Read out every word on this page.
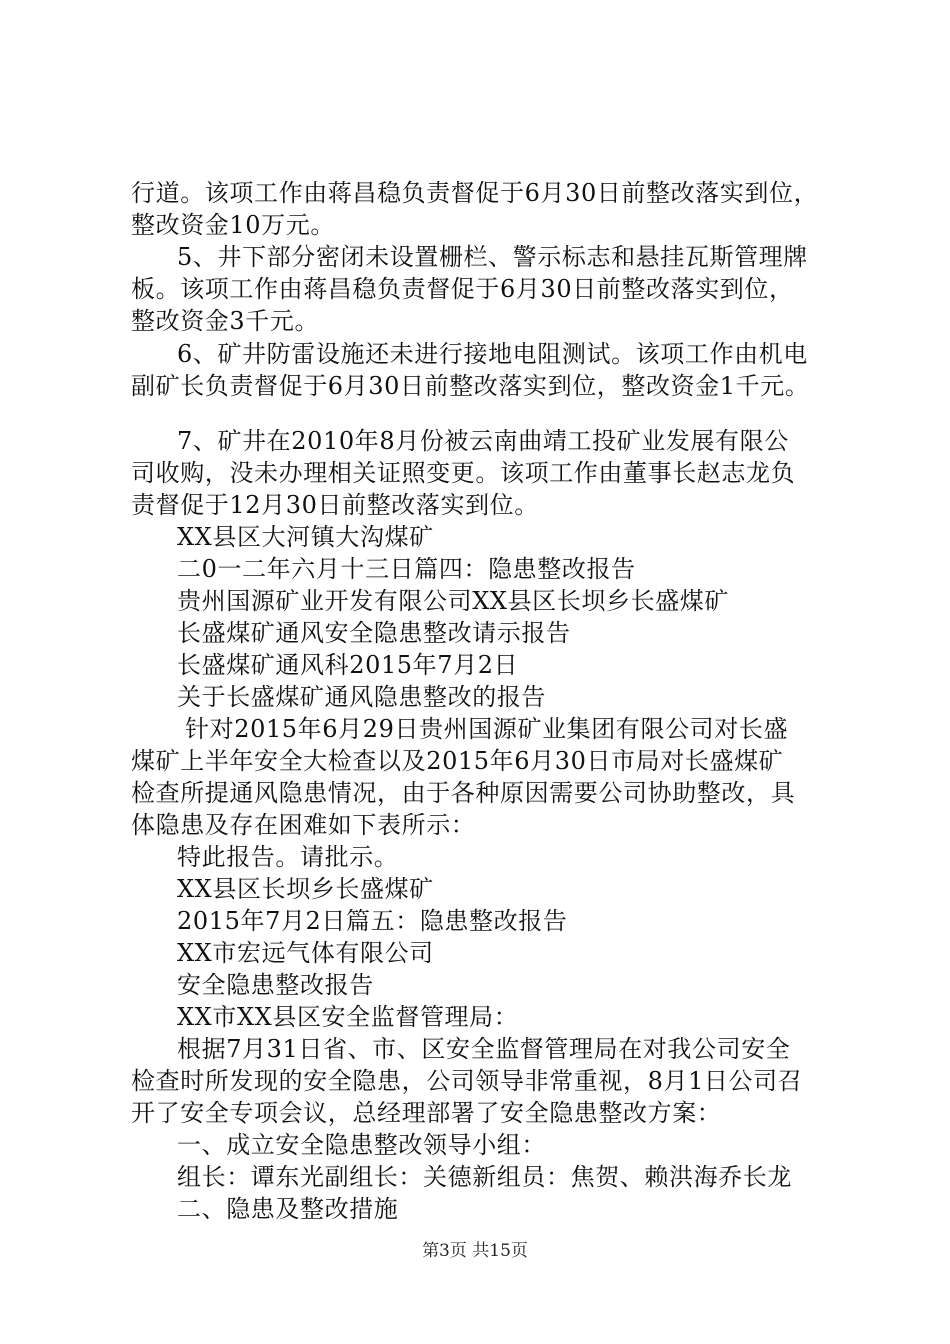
行道。该项工作由蒋昌稳负责督促于6月30日前整改落实到位，
整改资金10万元。
5、井下部分密闭未设置栅栏、警示标志和悬挂瓦斯管理牌
板。该项工作由蒋昌稳负责督促于6月30日前整改落实到位，
整改资金3千元。
6、矿井防雷设施还未进行接地电阻测试。该项工作由机电
副矿长负责督促于6月30日前整改落实到位，整改资金1千元。
7、矿井在2010年8月份被云南曲靖工投矿业发展有限公
司收购，没未办理相关证照变更。该项工作由董事长赵志龙负
责督促于12月30日前整改落实到位。
XX县区大河镇大沟煤矿
二0一二年六月十三日篇四：隐患整改报告
贵州国源矿业开发有限公司XX县区长坝乡长盛煤矿
长盛煤矿通风安全隐患整改请示报告
长盛煤矿通风科2015年7月2日
关于长盛煤矿通风隐患整改的报告
针对2015年6月29日贵州国源矿业集团有限公司对长盛
煤矿上半年安全大检查以及2015年6月30日市局对长盛煤矿
检查所提通风隐患情况，由于各种原因需要公司协助整改，具
体隐患及存在困难如下表所示：
特此报告。请批示。
XX县区长坝乡长盛煤矿
2015年7月2日篇五：隐患整改报告
XX市宏远气体有限公司
安全隐患整改报告
XX市XX县区安全监督管理局：
根据7月31日省、市、区安全监督管理局在对我公司安全
检查时所发现的安全隐患，公司领导非常重视，8月1日公司召
开了安全专项会议，总经理部署了安全隐患整改方案：
一、成立安全隐患整改领导小组：
组长：谭东光副组长：关德新组员：焦贺、赖洪海乔长龙
二、隐患及整改措施
第3页 共15页
